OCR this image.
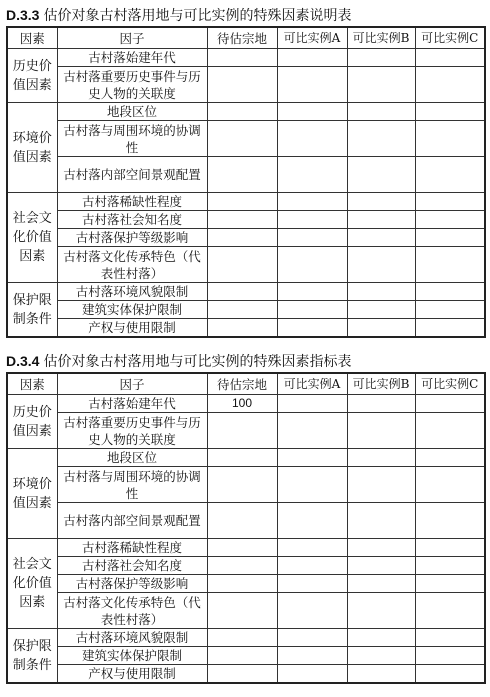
D.3.3 估价对象古村落用地与可比实例的特殊因素说明表
因素	因子	待估宗地	可比实例A	可比实例B	可比实例C
历史价值因素	古村落始建年代				
	古村落重要历史事件与历史人物的关联度				
环境价值因素	地段区位				
	古村落与周围环境的协调性				
	古村落内部空间景观配置				
社会文化价值因素	古村落稀缺性程度				
	古村落社会知名度				
	古村落保护等级影响				
	古村落文化传承特色（代表性村落）				
保护限制条件	古村落环境风貌限制				
	建筑实体保护限制				
	产权与使用限制				
D.3.4 估价对象古村落用地与可比实例的特殊因素指标表
因素	因子	待估宗地	可比实例A	可比实例B	可比实例C
历史价值因素	古村落始建年代	100			
	古村落重要历史事件与历史人物的关联度				
环境价值因素	地段区位				
	古村落与周围环境的协调性				
	古村落内部空间景观配置				
社会文化价值因素	古村落稀缺性程度				
	古村落社会知名度				
	古村落保护等级影响				
	古村落文化传承特色（代表性村落）				
保护限制条件	古村落环境风貌限制				
	建筑实体保护限制				
	产权与使用限制				
